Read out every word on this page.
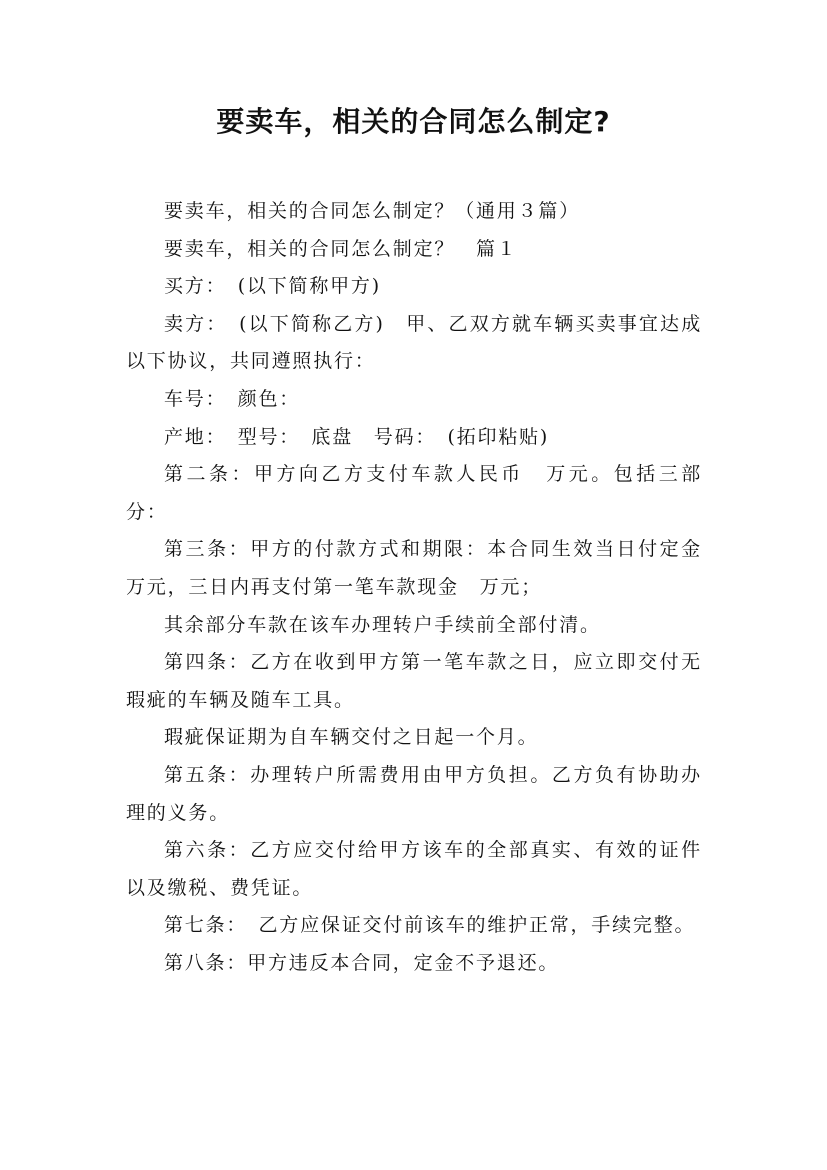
要卖车，相关的合同怎么制定?

要卖车，相关的合同怎么制定？（通用３篇）

要卖车，相关的合同怎么制定？　篇１

买方：　(以下简称甲方)

卖方：　(以下简称乙方)　甲、乙双方就车辆买卖事宜达成以下协议，共同遵照执行：

车号：　颜色：

产地：　型号：　底盘　号码：　(拓印粘贴)

第二条：甲方向乙方支付车款人民币　万元。包括三部分：

第三条：甲方的付款方式和期限：本合同生效当日付定金万元，三日内再支付第一笔车款现金　万元；

其余部分车款在该车办理转户手续前全部付清。

第四条：乙方在收到甲方第一笔车款之日，应立即交付无瑕疵的车辆及随车工具。

瑕疵保证期为自车辆交付之日起一个月。

第五条：办理转户所需费用由甲方负担。乙方负有协助办理的义务。

第六条：乙方应交付给甲方该车的全部真实、有效的证件以及缴税、费凭证。

第七条：　乙方应保证交付前该车的维护正常，手续完整。

第八条：甲方违反本合同，定金不予退还。
